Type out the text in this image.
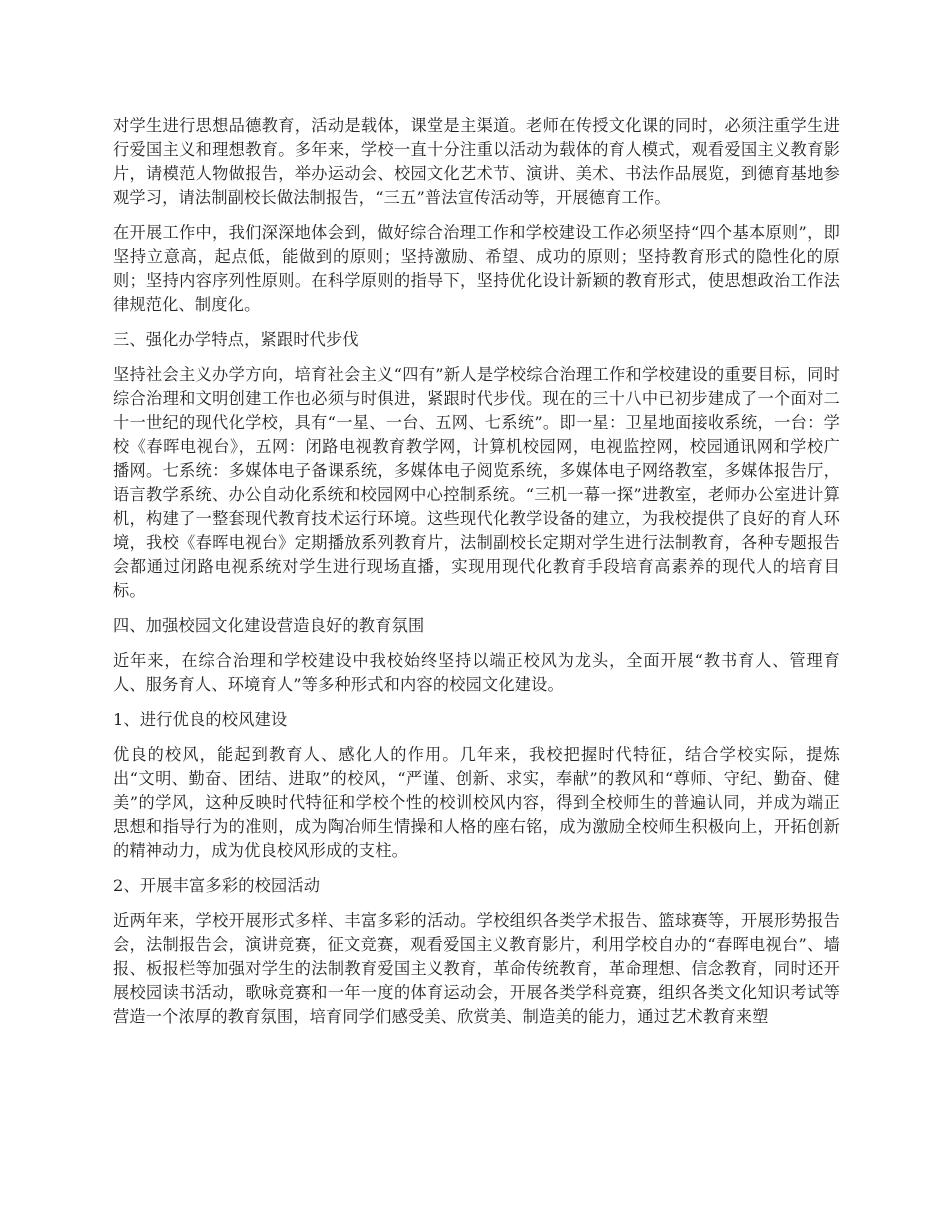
对学生进行思想品德教育，活动是载体，课堂是主渠道。老师在传授文化课的同时，必须注重学生进行爱国主义和理想教育。多年来，学校一直十分注重以活动为载体的育人模式，观看爱国主义教育影片，请模范人物做报告，举办运动会、校园文化艺术节、演讲、美术、书法作品展览，到德育基地参观学习，请法制副校长做法制报告，“三五”普法宣传活动等，开展德育工作。

在开展工作中，我们深深地体会到，做好综合治理工作和学校建设工作必须坚持“四个基本原则”，即坚持立意高，起点低，能做到的原则；坚持激励、希望、成功的原则；坚持教育形式的隐性化的原则；坚持内容序列性原则。在科学原则的指导下，坚持优化设计新颖的教育形式，使思想政治工作法律规范化、制度化。

三、强化办学特点，紧跟时代步伐

坚持社会主义办学方向，培育社会主义“四有”新人是学校综合治理工作和学校建设的重要目标，同时综合治理和文明创建工作也必须与时俱进，紧跟时代步伐。现在的三十八中已初步建成了一个面对二十一世纪的现代化学校，具有“一星、一台、五网、七系统”。即一星：卫星地面接收系统，一台：学校《春晖电视台》，五网：闭路电视教育教学网，计算机校园网，电视监控网，校园通讯网和学校广播网。七系统：多媒体电子备课系统，多媒体电子阅览系统，多媒体电子网络教室，多媒体报告厅，语言教学系统、办公自动化系统和校园网中心控制系统。“三机一幕一探”进教室，老师办公室进计算机，构建了一整套现代教育技术运行环境。这些现代化教学设备的建立，为我校提供了良好的育人环境，我校《春晖电视台》定期播放系列教育片，法制副校长定期对学生进行法制教育，各种专题报告会都通过闭路电视系统对学生进行现场直播，实现用现代化教育手段培育高素养的现代人的培育目标。

四、加强校园文化建设营造良好的教育氛围

近年来，在综合治理和学校建设中我校始终坚持以端正校风为龙头，全面开展“教书育人、管理育人、服务育人、环境育人”等多种形式和内容的校园文化建设。

1、进行优良的校风建设

优良的校风，能起到教育人、感化人的作用。几年来，我校把握时代特征，结合学校实际，提炼出“文明、勤奋、团结、进取”的校风，“严谨、创新、求实，奉献”的教风和“尊师、守纪、勤奋、健美”的学风，这种反映时代特征和学校个性的校训校风内容，得到全校师生的普遍认同，并成为端正思想和指导行为的准则，成为陶冶师生情操和人格的座右铭，成为激励全校师生积极向上，开拓创新的精神动力，成为优良校风形成的支柱。

2、开展丰富多彩的校园活动

近两年来，学校开展形式多样、丰富多彩的活动。学校组织各类学术报告、篮球赛等，开展形势报告会，法制报告会，演讲竞赛，征文竞赛，观看爱国主义教育影片，利用学校自办的“春晖电视台”、墙报、板报栏等加强对学生的法制教育爱国主义教育，革命传统教育，革命理想、信念教育，同时还开展校园读书活动，歌咏竞赛和一年一度的体育运动会，开展各类学科竞赛，组织各类文化知识考试等营造一个浓厚的教育氛围，培育同学们感受美、欣赏美、制造美的能力，通过艺术教育来塑
